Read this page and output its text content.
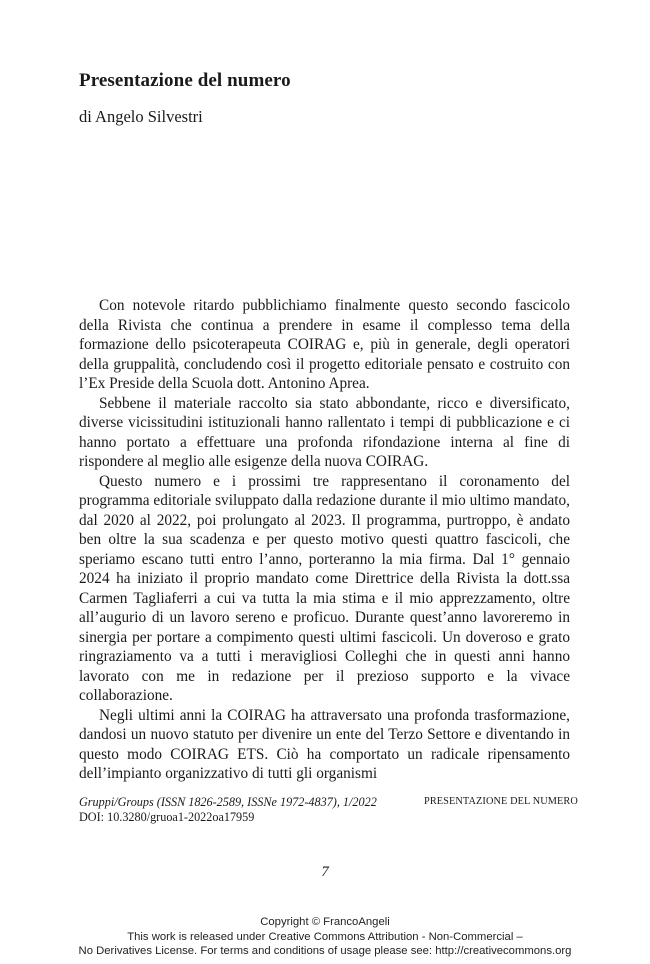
Presentazione del numero
di Angelo Silvestri

Con notevole ritardo pubblichiamo finalmente questo secondo fascicolo della Rivista che continua a prendere in esame il complesso tema della formazione dello psicoterapeuta COIRAG e, più in generale, degli operatori della gruppalità, concludendo così il progetto editoriale pensato e costruito con l’Ex Preside della Scuola dott. Antonino Aprea.

Sebbene il materiale raccolto sia stato abbondante, ricco e diversificato, diverse vicissitudini istituzionali hanno rallentato i tempi di pubblicazione e ci hanno portato a effettuare una profonda rifondazione interna al fine di rispondere al meglio alle esigenze della nuova COIRAG.

Questo numero e i prossimi tre rappresentano il coronamento del programma editoriale sviluppato dalla redazione durante il mio ultimo mandato, dal 2020 al 2022, poi prolungato al 2023. Il programma, purtroppo, è andato ben oltre la sua scadenza e per questo motivo questi quattro fascicoli, che speriamo escano tutti entro l’anno, porteranno la mia firma. Dal 1° gennaio 2024 ha iniziato il proprio mandato come Direttrice della Rivista la dott.ssa Carmen Tagliaferri a cui va tutta la mia stima e il mio apprezzamento, oltre all’augurio di un lavoro sereno e proficuo. Durante quest’anno lavoreremo in sinergia per portare a compimento questi ultimi fascicoli. Un doveroso e grato ringraziamento va a tutti i meravigliosi Colleghi che in questi anni hanno lavorato con me in redazione per il prezioso supporto e la vivace collaborazione.

Negli ultimi anni la COIRAG ha attraversato una profonda trasformazione, dandosi un nuovo statuto per divenire un ente del Terzo Settore e diventando in questo modo COIRAG ETS. Ciò ha comportato un radicale ripensamento dell’impianto organizzativo di tutti gli organismi

Gruppi/Groups (ISSN 1826-2589, ISSNe 1972-4837), 1/2022
DOI: 10.3280/gruoa1-2022oa17959
PRESENTAZIONE DEL NUMERO
7
Copyright © FrancoAngeli
This work is released under Creative Commons Attribution - Non-Commercial –
No Derivatives License. For terms and conditions of usage please see: http://creativecommons.org
